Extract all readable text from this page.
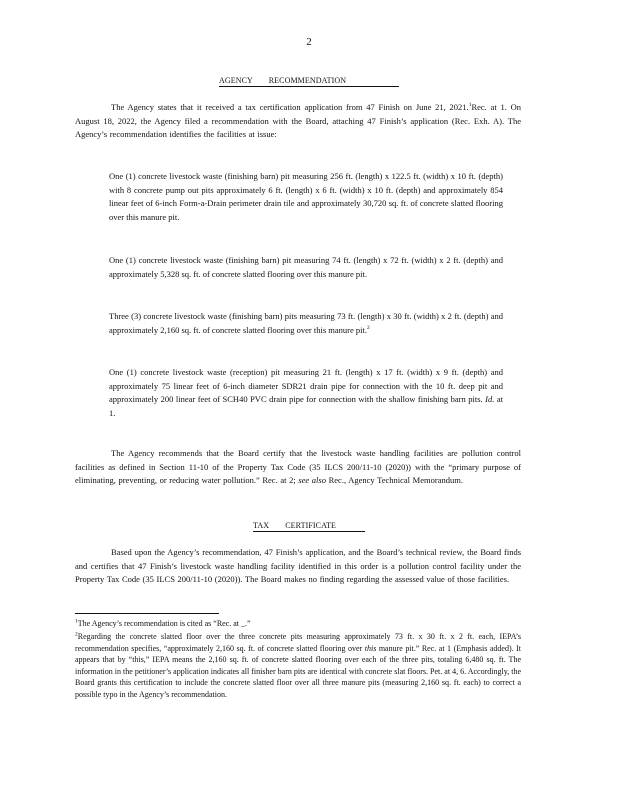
2
AGENCY RECOMMENDATION

The Agency states that it received a tax certification application from 47 Finish on June 21, 2021.$^1$Rec. at 1. On August 18, 2022, the Agency filed a recommendation with the Board, attaching 47 Finish’s application (Rec. Exh. A). The Agency’s recommendation identifies the facilities at issue:

One (1) concrete livestock waste (finishing barn) pit measuring 256 ft. (length) x 122.5 ft. (width) x 10 ft. (depth) with 8 concrete pump out pits approximately 6 ft. (length) x 6 ft. (width) x 10 ft. (depth) and approximately 854 linear feet of 6-inch Form-a-Drain perimeter drain tile and approximately 30,720 sq. ft. of concrete slatted flooring over this manure pit.

One (1) concrete livestock waste (finishing barn) pit measuring 74 ft. (length) x 72 ft. (width) x 2 ft. (depth) and approximately 5,328 sq. ft. of concrete slatted flooring over this manure pit.

Three (3) concrete livestock waste (finishing barn) pits measuring 73 ft. (length) x 30 ft. (width) x 2 ft. (depth) and approximately 2,160 sq. ft. of concrete slatted flooring over this manure pit.$^2$

One (1) concrete livestock waste (reception) pit measuring 21 ft. (length) x 17 ft. (width) x 9 ft. (depth) and approximately 75 linear feet of 6-inch diameter SDR21 drain pipe for connection with the 10 ft. deep pit and approximately 200 linear feet of SCH40 PVC drain pipe for connection with the shallow finishing barn pits. Id. at 1.

The Agency recommends that the Board certify that the livestock waste handling facilities are pollution control facilities as defined in Section 11-10 of the Property Tax Code (35 ILCS 200/11-10 (2020)) with the “primary purpose of eliminating, preventing, or reducing water pollution.” Rec. at 2; see also Rec., Agency Technical Memorandum.

TAX CERTIFICATE

Based upon the Agency’s recommendation, 47 Finish’s application, and the Board’s technical review, the Board finds and certifies that 47 Finish’s livestock waste handling facility identified in this order is a pollution control facility under the Property Tax Code (35 ILCS 200/11-10 (2020)). The Board makes no finding regarding the assessed value of those facilities.

$^1$The Agency’s recommendation is cited as “Rec. at _.”

$^2$Regarding the concrete slatted floor over the three concrete pits measuring approximately 73 ft. x 30 ft. x 2 ft. each, IEPA’s recommendation specifies, “approximately 2,160 sq. ft. of concrete slatted flooring over this manure pit.” Rec. at 1 (Emphasis added). It appears that by “this,” IEPA means the 2,160 sq. ft. of concrete slatted flooring over each of the three pits, totaling 6,480 sq. ft. The information in the petitioner’s application indicates all finisher barn pits are identical with concrete slat floors. Pet. at 4, 6. Accordingly, the Board grants this certification to include the concrete slatted floor over all three manure pits (measuring 2,160 sq. ft. each) to correct a possible typo in the Agency’s recommendation.
